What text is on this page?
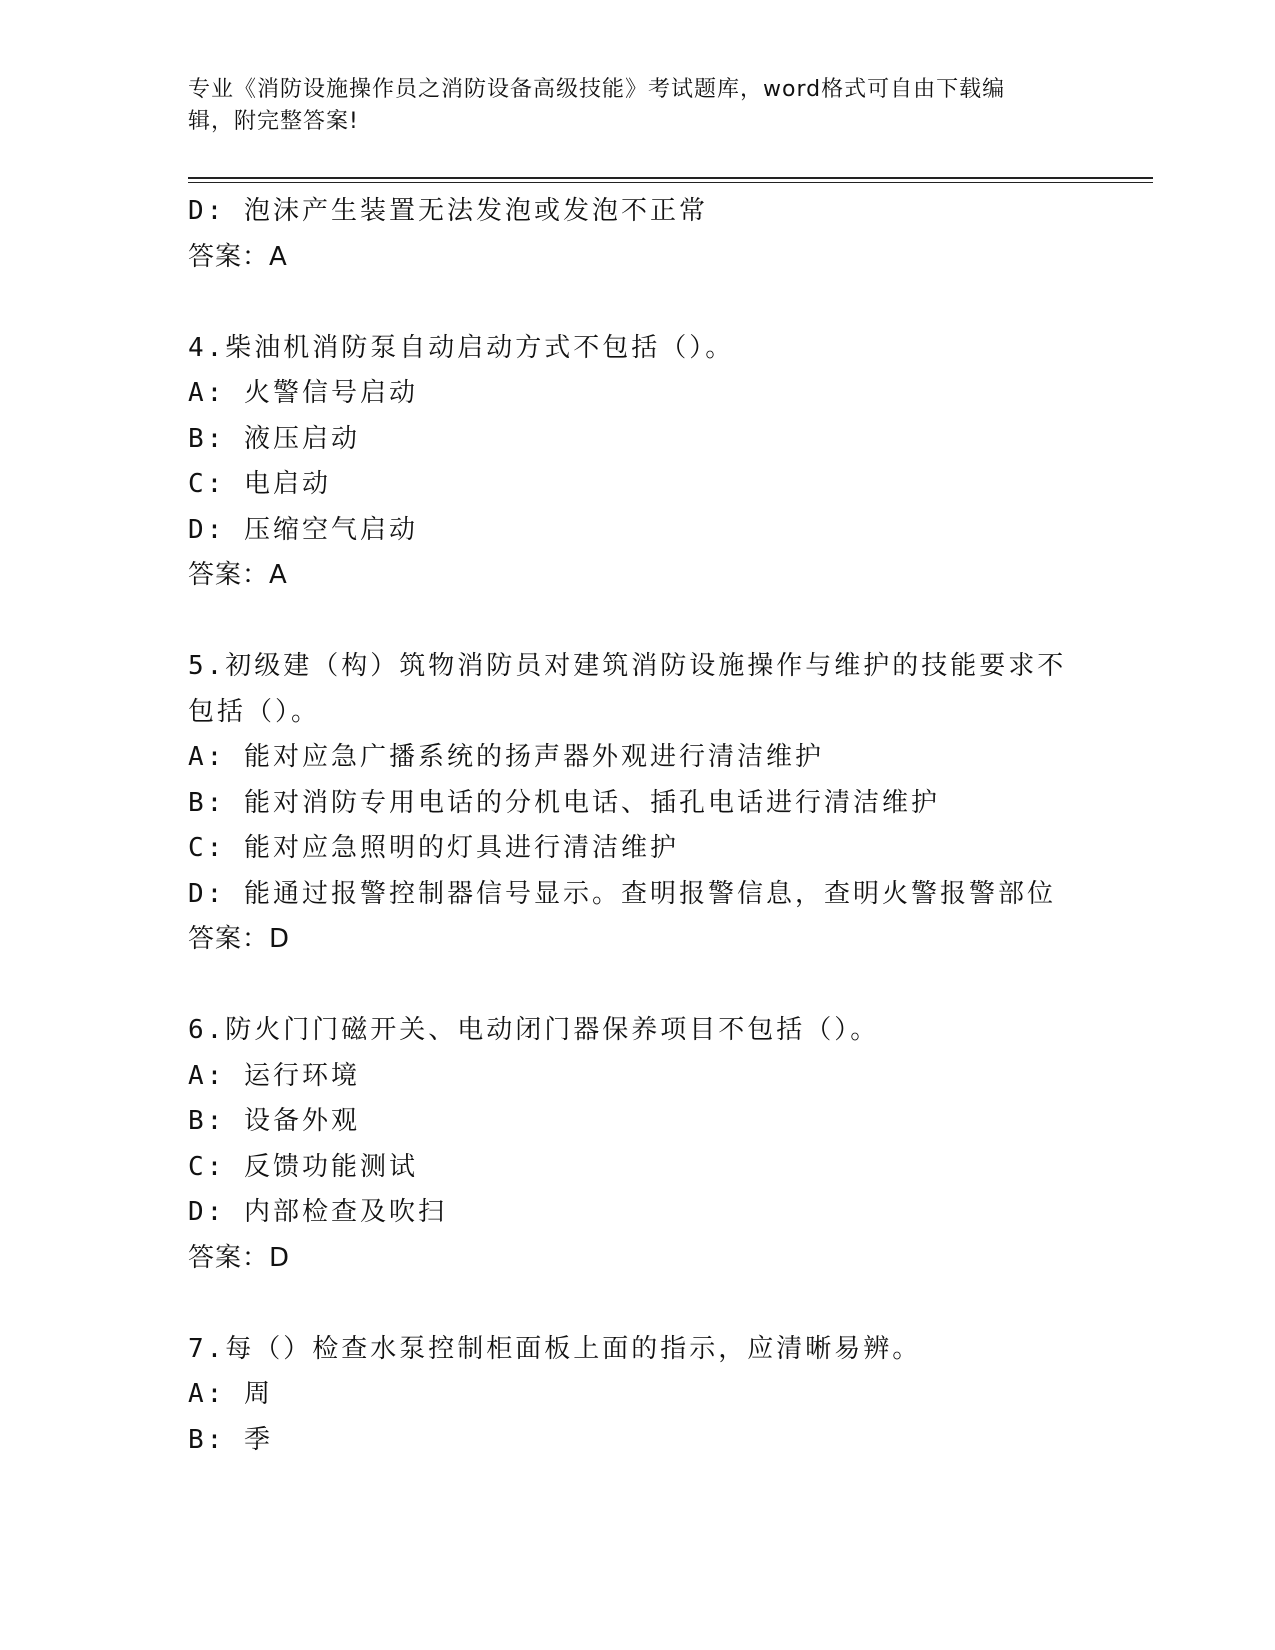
专业《消防设施操作员之消防设备高级技能》考试题库，word格式可自由下载编
辑，附完整答案!
D: 泡沫产生装置无法发泡或发泡不正常
答案：A
4.柴油机消防泵自动启动方式不包括（）。
A: 火警信号启动
B: 液压启动
C: 电启动
D: 压缩空气启动
答案：A
5.初级建（构）筑物消防员对建筑消防设施操作与维护的技能要求不
包括（）。
A: 能对应急广播系统的扬声器外观进行清洁维护
B: 能对消防专用电话的分机电话、插孔电话进行清洁维护
C: 能对应急照明的灯具进行清洁维护
D: 能通过报警控制器信号显示。查明报警信息，查明火警报警部位
答案：D
6.防火门门磁开关、电动闭门器保养项目不包括（）。
A: 运行环境
B: 设备外观
C: 反馈功能测试
D: 内部检查及吹扫
答案：D
7.每（）检查水泵控制柜面板上面的指示，应清晰易辨。
A: 周
B: 季
